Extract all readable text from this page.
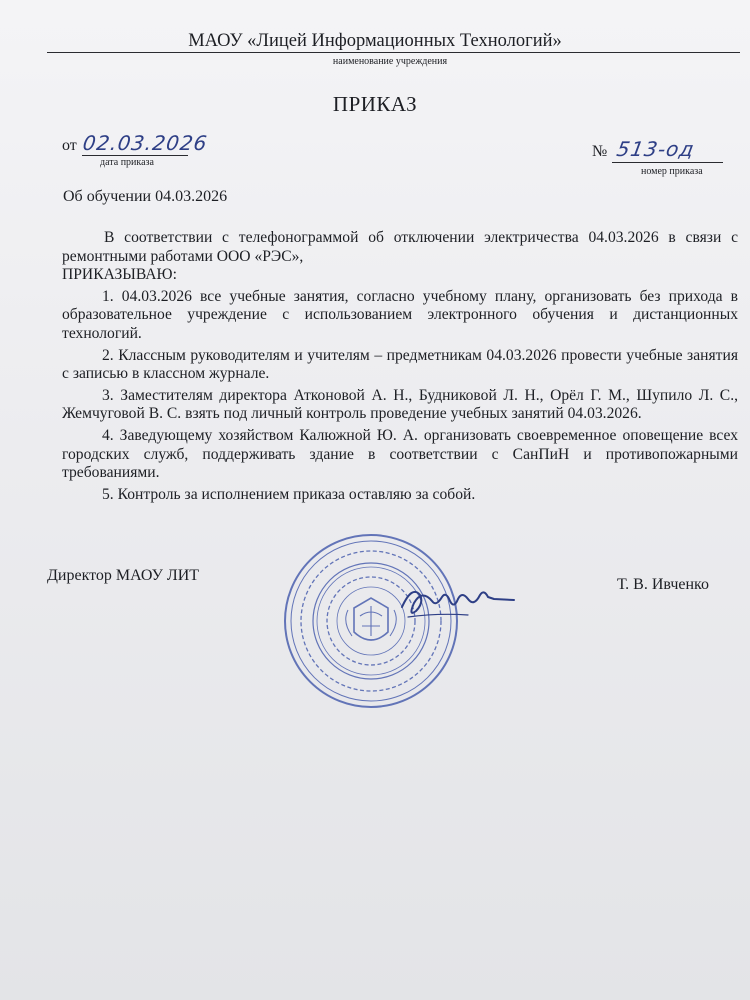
МАОУ «Лицей Информационных Технологий»
наименование учреждения
ПРИКАЗ
от 02.03.2026
дата приказа
№ 513-од
номер приказа
Об обучении 04.03.2026

В соответствии с телефонограммой об отключении электричества 04.03.2026 в связи с ремонтными работами ООО «РЭС»,

ПРИКАЗЫВАЮ:

1. 04.03.2026 все учебные занятия, согласно учебному плану, организовать без прихода в образовательное учреждение с использованием электронного обучения и дистанционных технологий.

2. Классным руководителям и учителям – предметникам 04.03.2026 провести учебные занятия с записью в классном журнале.

3. Заместителям директора Атконовой А. Н., Будниковой Л. Н., Орёл Г. М., Шупило Л. С., Жемчуговой В. С. взять под личный контроль проведение учебных занятий 04.03.2026.

4. Заведующему хозяйством Калюжной Ю. А. организовать своевременное оповещение всех городских служб, поддерживать здание в соответствии с СанПиН и противопожарными требованиями.

5. Контроль за исполнением приказа оставляю за собой.

Директор МАОУ ЛИТ
Т. В. Ивченко
